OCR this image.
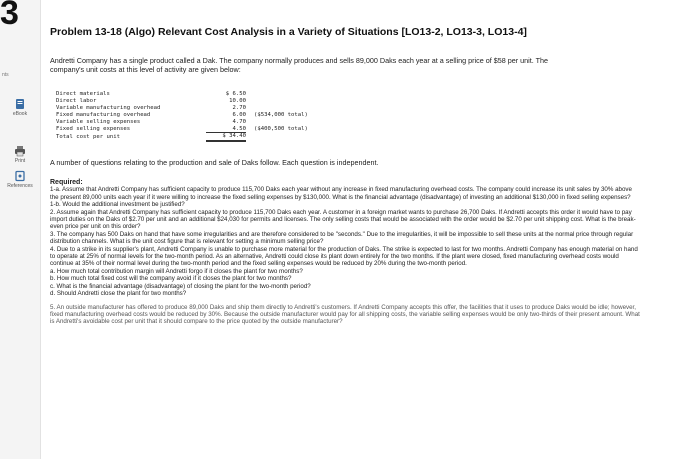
3
nts
eBook
Print
References
Problem 13-18 (Algo) Relevant Cost Analysis in a Variety of Situations [LO13-2, LO13-3, LO13-4]
Andretti Company has a single product called a Dak. The company normally produces and sells 89,000 Daks each year at a selling price of $58 per unit. The company's unit costs at this level of activity are given below:
Direct materials	$ 6.50	
Direct labor	10.00	
Variable manufacturing overhead	2.70	
Fixed manufacturing overhead	6.00	($534,000 total)
Variable selling expenses	4.70	
Fixed selling expenses	4.50	($400,500 total)
Total cost per unit	$ 34.40	
A number of questions relating to the production and sale of Daks follow. Each question is independent.

Required:

1-a. Assume that Andretti Company has sufficient capacity to produce 115,700 Daks each year without any increase in fixed manufacturing overhead costs. The company could increase its unit sales by 30% above the present 89,000 units each year if it were willing to increase the fixed selling expenses by $130,000. What is the financial advantage (disadvantage) of investing an additional $130,000 in fixed selling expenses?

1-b. Would the additional investment be justified?

2. Assume again that Andretti Company has sufficient capacity to produce 115,700 Daks each year. A customer in a foreign market wants to purchase 26,700 Daks. If Andretti accepts this order it would have to pay import duties on the Daks of $2.70 per unit and an additional $24,030 for permits and licenses. The only selling costs that would be associated with the order would be $2.70 per unit shipping cost. What is the break-even price per unit on this order?

3. The company has 500 Daks on hand that have some irregularities and are therefore considered to be "seconds." Due to the irregularities, it will be impossible to sell these units at the normal price through regular distribution channels. What is the unit cost figure that is relevant for setting a minimum selling price?

4. Due to a strike in its supplier's plant, Andretti Company is unable to purchase more material for the production of Daks. The strike is expected to last for two months. Andretti Company has enough material on hand to operate at 25% of normal levels for the two-month period. As an alternative, Andretti could close its plant down entirely for the two months. If the plant were closed, fixed manufacturing overhead costs would continue at 35% of their normal level during the two-month period and the fixed selling expenses would be reduced by 20% during the two-month period.

a. How much total contribution margin will Andretti forgo if it closes the plant for two months?

b. How much total fixed cost will the company avoid if it closes the plant for two months?

c. What is the financial advantage (disadvantage) of closing the plant for the two-month period?

d. Should Andretti close the plant for two months?

5. An outside manufacturer has offered to produce 89,000 Daks and ship them directly to Andretti's customers. If Andretti Company accepts this offer, the facilities that it uses to produce Daks would be idle; however, fixed manufacturing overhead costs would be reduced by 30%. Because the outside manufacturer would pay for all shipping costs, the variable selling expenses would be only two-thirds of their present amount. What is Andretti's avoidable cost per unit that it should compare to the price quoted by the outside manufacturer?
